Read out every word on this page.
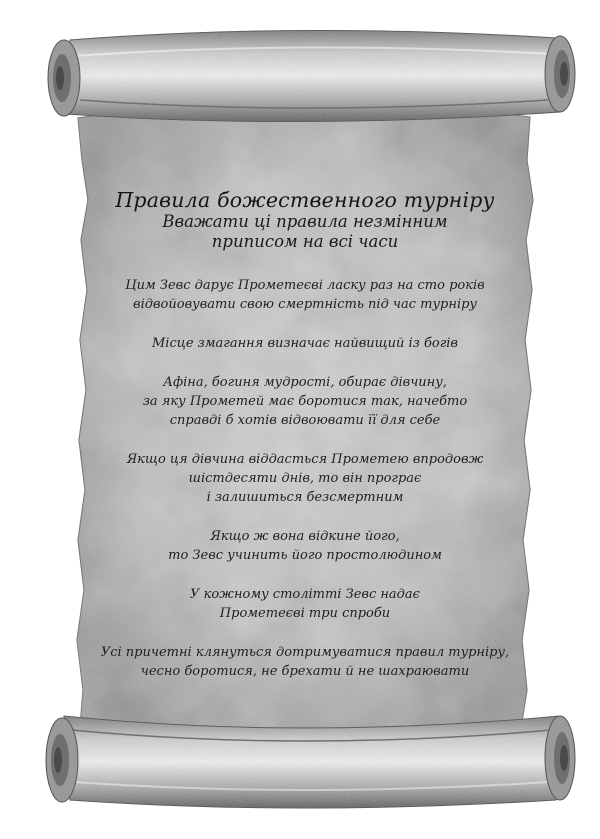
Правила божественного турніру

Вважати ці правила незмінним
приписом на всі часи

Цим Зевс дарує Прометеєві ласку раз на сто років
відвойовувати свою смертність під час турніру

Місце змагання визначає найвищий із богів

Афіна, богиня мудрості, обирає дівчину,
за яку Прометей має боротися так, начебто
справді б хотів відвоювати її для себе

Якщо ця дівчина віддасться Прометею впродовж
шістдесяти днів, то він програє
і залишиться безсмертним

Якщо ж вона відкине його,
то Зевс учинить його простолюдином

У кожному столітті Зевс надає
Прометеєві три спроби

Усі причетні клянуться дотримуватися правил турніру,
чесно боротися, не брехати й не шахраювати
